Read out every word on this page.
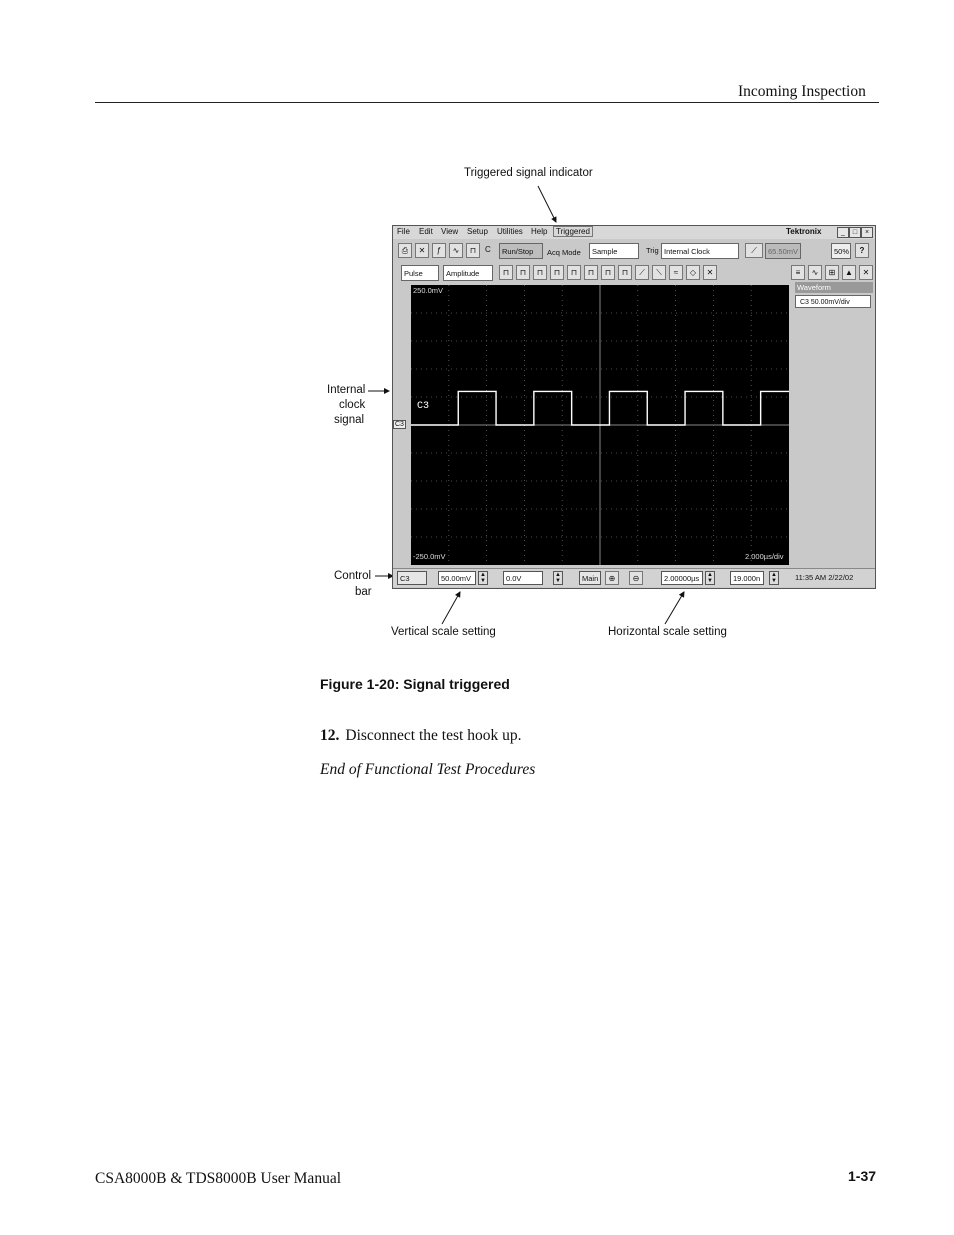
Incoming Inspection
Triggered signal indicator
Internal
clock
signal
Control
bar
Vertical scale setting	Horizontal scale setting
File Edit View Setup Utilities Help	Triggered	Tektronix	_	□	×
⎙	✕	ƒ	∿	⊓	C	Run/Stop	Acq Mode	Sample	Trig Internal Clock	⟋	65.50mV	50%	?
Pulse	Amplitude	⊓	⊓	⊓	⊓	⊓	⊓	⊓	⊓	⟋	⟍	≈	◇	✕	≡	∿	⊞	▲	✕
250.0mV
-250.0mV	2.000µs/div
C3
C3
Waveform
C3 50.00mV/div
C3	50.00mV	▲
▼	0.0V	▲
▼	Main	⊕	⊖	2.00000µs	▲
▼	19.000n	▲
▼ 11:35 AM 2/22/02
Figure 1-20: Signal triggered
12. Disconnect the test hook up.
End of Functional Test Procedures
CSA8000B & TDS8000B User Manual	1-37
